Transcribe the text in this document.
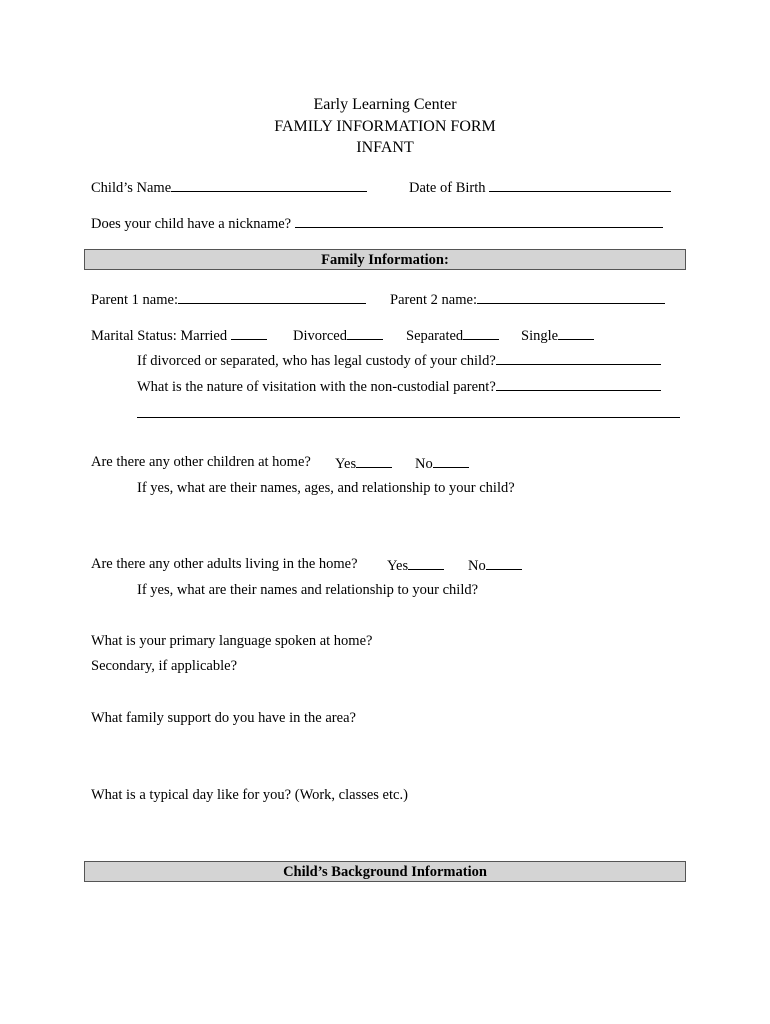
Early Learning Center
FAMILY INFORMATION FORM
INFANT
Child’s Name	Date of Birth
Does your child have a nickname?
Family Information:
Parent 1 name:	Parent 2 name:
Marital Status: Married	Divorced	Separated	Single
If divorced or separated, who has legal custody of your child?
What is the nature of visitation with the non-custodial parent?
Are there any other children at home? Yes	No
If yes, what are their names, ages, and relationship to your child?
Are there any other adults living in the home? Yes	No
If yes, what are their names and relationship to your child?
What is your primary language spoken at home?
Secondary, if applicable?
What family support do you have in the area?
What is a typical day like for you? (Work, classes etc.)
Child’s Background Information
